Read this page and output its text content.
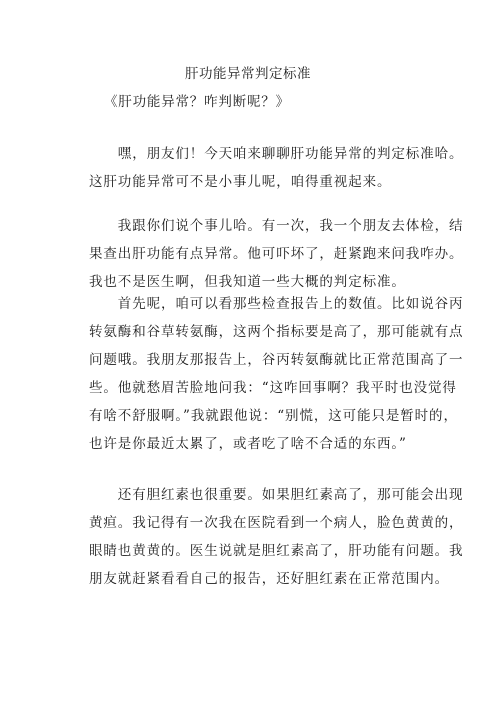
肝功能异常判定标准
《肝功能异常？咋判断呢？》
　　嘿，朋友们！今天咱来聊聊肝功能异常的判定标准哈。
这肝功能异常可不是小事儿呢，咱得重视起来。
　　我跟你们说个事儿哈。有一次，我一个朋友去体检，结
果查出肝功能有点异常。他可吓坏了，赶紧跑来问我咋办。
我也不是医生啊，但我知道一些大概的判定标准。
　　首先呢，咱可以看那些检查报告上的数值。比如说谷丙
转氨酶和谷草转氨酶，这两个指标要是高了，那可能就有点
问题哦。我朋友那报告上，谷丙转氨酶就比正常范围高了一
些。他就愁眉苦脸地问我：“这咋回事啊？我平时也没觉得
有啥不舒服啊。”我就跟他说：“别慌，这可能只是暂时的，
也许是你最近太累了，或者吃了啥不合适的东西。”
　　还有胆红素也很重要。如果胆红素高了，那可能会出现
黄疸。我记得有一次我在医院看到一个病人，脸色黄黄的，
眼睛也黄黄的。医生说就是胆红素高了，肝功能有问题。我
朋友就赶紧看看自己的报告，还好胆红素在正常范围内。
